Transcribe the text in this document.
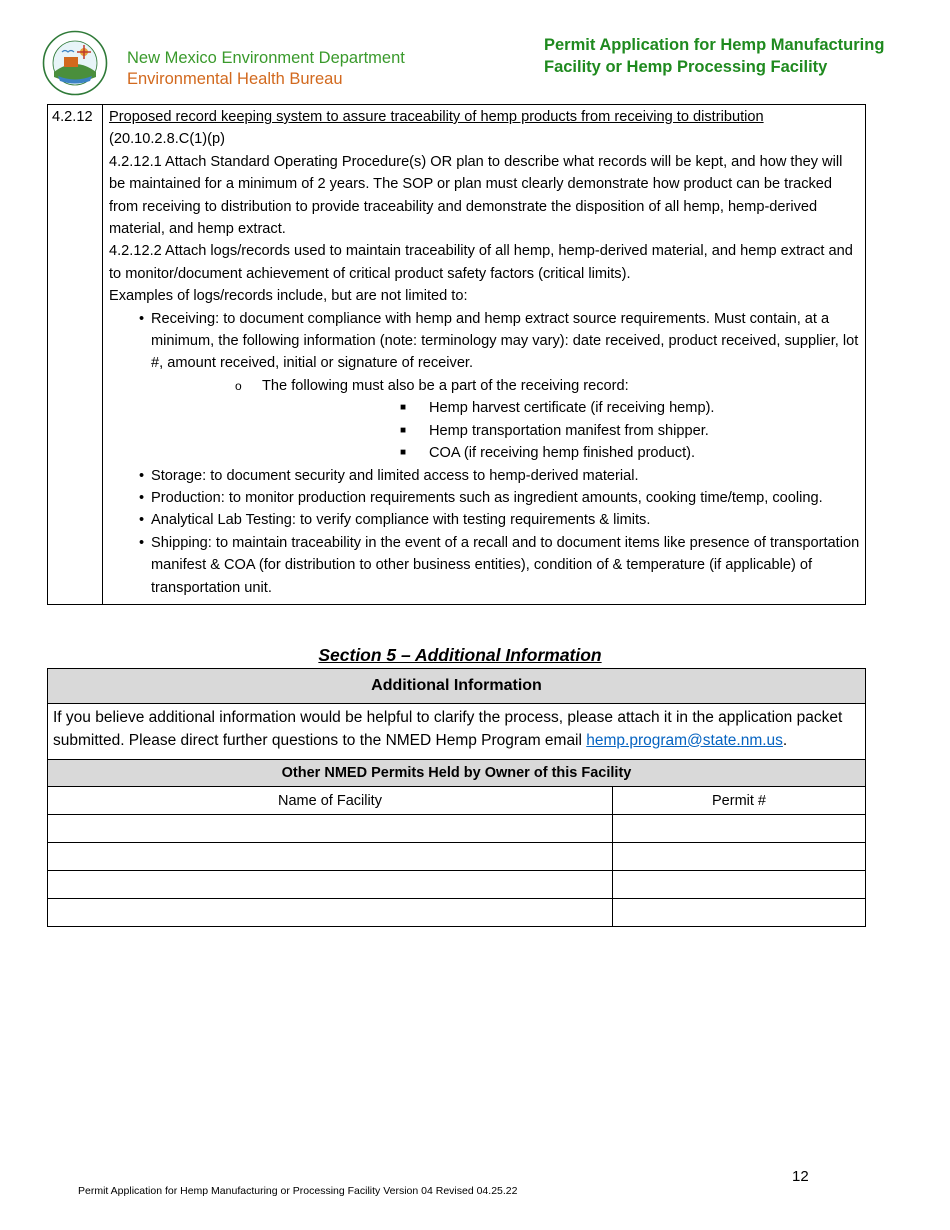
New Mexico Environment Department
Environmental Health Bureau
Permit Application for Hemp Manufacturing
Facility or Hemp Processing Facility
4.2.12	Proposed record keeping system to assure traceability of hemp products from receiving to distribution

(20.10.2.8.C(1)(p)

4.2.12.1 Attach Standard Operating Procedure(s) OR plan to describe what records will be kept, and how they will be maintained for a minimum of 2 years. The SOP or plan must clearly demonstrate how product can be tracked from receiving to distribution to provide traceability and demonstrate the disposition of all hemp, hemp-derived material, and hemp extract.

4.2.12.2 Attach logs/records used to maintain traceability of all hemp, hemp-derived material, and hemp extract and to monitor/document achievement of critical product safety factors (critical limits).

Examples of logs/records include, but are not limited to:

• Receiving: to document compliance with hemp and hemp extract source requirements. Must contain, at a minimum, the following information (note: terminology may vary): date received, product received, supplier, lot #, amount received, initial or signature of receiver.
o The following must also be a part of the receiving record:
■ Hemp harvest certificate (if receiving hemp).
■ Hemp transportation manifest from shipper.
■ COA (if receiving hemp finished product).
• Storage: to document security and limited access to hemp-derived material.
• Production: to monitor production requirements such as ingredient amounts, cooking time/temp, cooling.
• Analytical Lab Testing: to verify compliance with testing requirements & limits.
• Shipping: to maintain traceability in the event of a recall and to document items like presence of transportation manifest & COA (for distribution to other business entities), condition of & temperature (if applicable) of transportation unit.
Section 5 – Additional Information
Additional Information	
If you believe additional information would be helpful to clarify the process, please attach it in the application packet submitted. Please direct further questions to the NMED Hemp Program email hemp.program@state.nm.us.	
Other NMED Permits Held by Owner of this Facility	
Name of Facility	Permit #

12
Permit Application for Hemp Manufacturing or Processing Facility Version 04 Revised 04.25.22
